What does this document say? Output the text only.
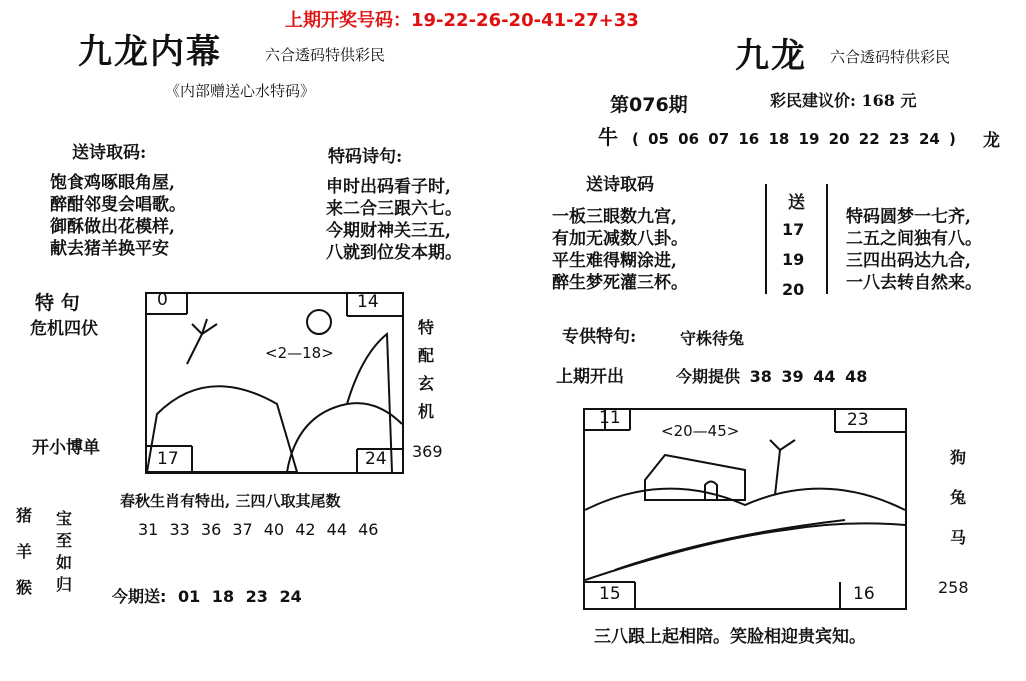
上期开奖号码：19-22-26-20-41-27+33
九龙内幕	六合透码特供彩民
《内部赠送心水特码》
送诗取码:
饱食鸡啄眼角屋,
醉酣邻叟会唱歌。
御酥做出花模样,
献去猪羊换平安
特码诗句:
申时出码看子时,
来二合三跟六七。
今期财神关三五,
八就到位发本期。
特 句
危机四伏
开小博单
0	14
17	24
<2—18>
特配玄机
369
春秋生肖有特出, 三四八取其尾数
31 33 36 37 40 42 44 46
猪羊猴
宝至如归
今期送: 01 18 23 24
九龙 六合透码特供彩民
第076期	彩民建议价: 168 元
牛 ( 05 06 07 16 18 19 20 22 23 24 ) 龙
送诗取码
一板三眼数九宫,
有加无减数八卦。
平生难得糊涂进,
醉生梦死灌三杯。
送
17
19
20
特码圆梦一七齐,
二五之间独有八。
三四出码达九合,
一八去转自然来。
专供特句:	守株待兔
上期开出	今期提供 38 39 44 48
11	23
15	16
<20—45>
狗兔马
258
三八跟上起相陪。笑脸相迎贵宾知。
